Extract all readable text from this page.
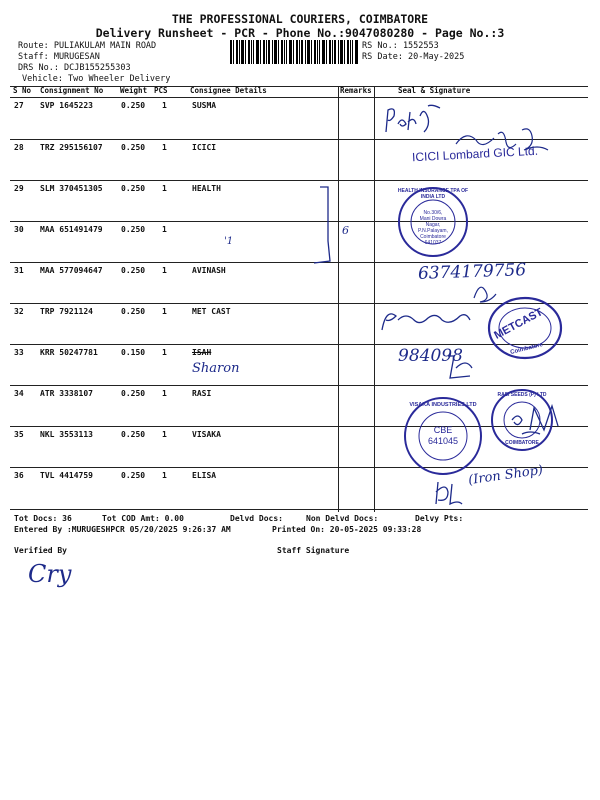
THE PROFESSIONAL COURIERS, COIMBATORE
Delivery Runsheet - PCR - Phone No.:9047080280 - Page No.:3
Route: PULIAKULAM MAIN ROAD
Staff: MURUGESAN
DRS No.: DCJB155255303
Vehicle: Two Wheeler Delivery
RS No.: 1552553
RS Date: 20-May-2025
S No Consignment No Weight PCS	Consignee Details	Remarks	Seal & Signature
27 SVP 1645223	0.250 1	SUSMA
28 TRZ 295156107 0.250 1	ICICI
29 SLM 370451305 0.250 1	HEALTH
30 MAA 651491479 0.250 1
31 MAA 577094647 0.250 1	AVINASH
32 TRP 7921124	0.250 1	MET CAST
33 KRR 50247781	0.150 1	ISAH
34 ATR 3338107	0.250 1	RASI
35 NKL 3553113	0.250 1	VISAKA
36 TVL 4414759	0.250 1	ELISA
ICICI Lombard GIC Ltd.
'1
6
HEALTH INSURANCE TPA OF INDIA LTD
No.30/6,
Mani Dowra Nagar,
P.N.Palayam,
Coimbatore
641037
6374179756
METCAST
Coimbatore
Sharon
984098
VISAKA INDUSTRIES LTD
CBE
641045
RASI SEEDS (P) LTD
COIMBATORE
(Iron Shop)
Tot Docs: 36	Tot COD Amt: 0.00	Delvd Docs:	Non Delvd Docs:	Delvy Pts:
Entered By :MURUGESHPCR 05/20/2025 9:26:37 AM	Printed On: 20-05-2025 09:33:28
Verified By	Staff Signature
Cry
